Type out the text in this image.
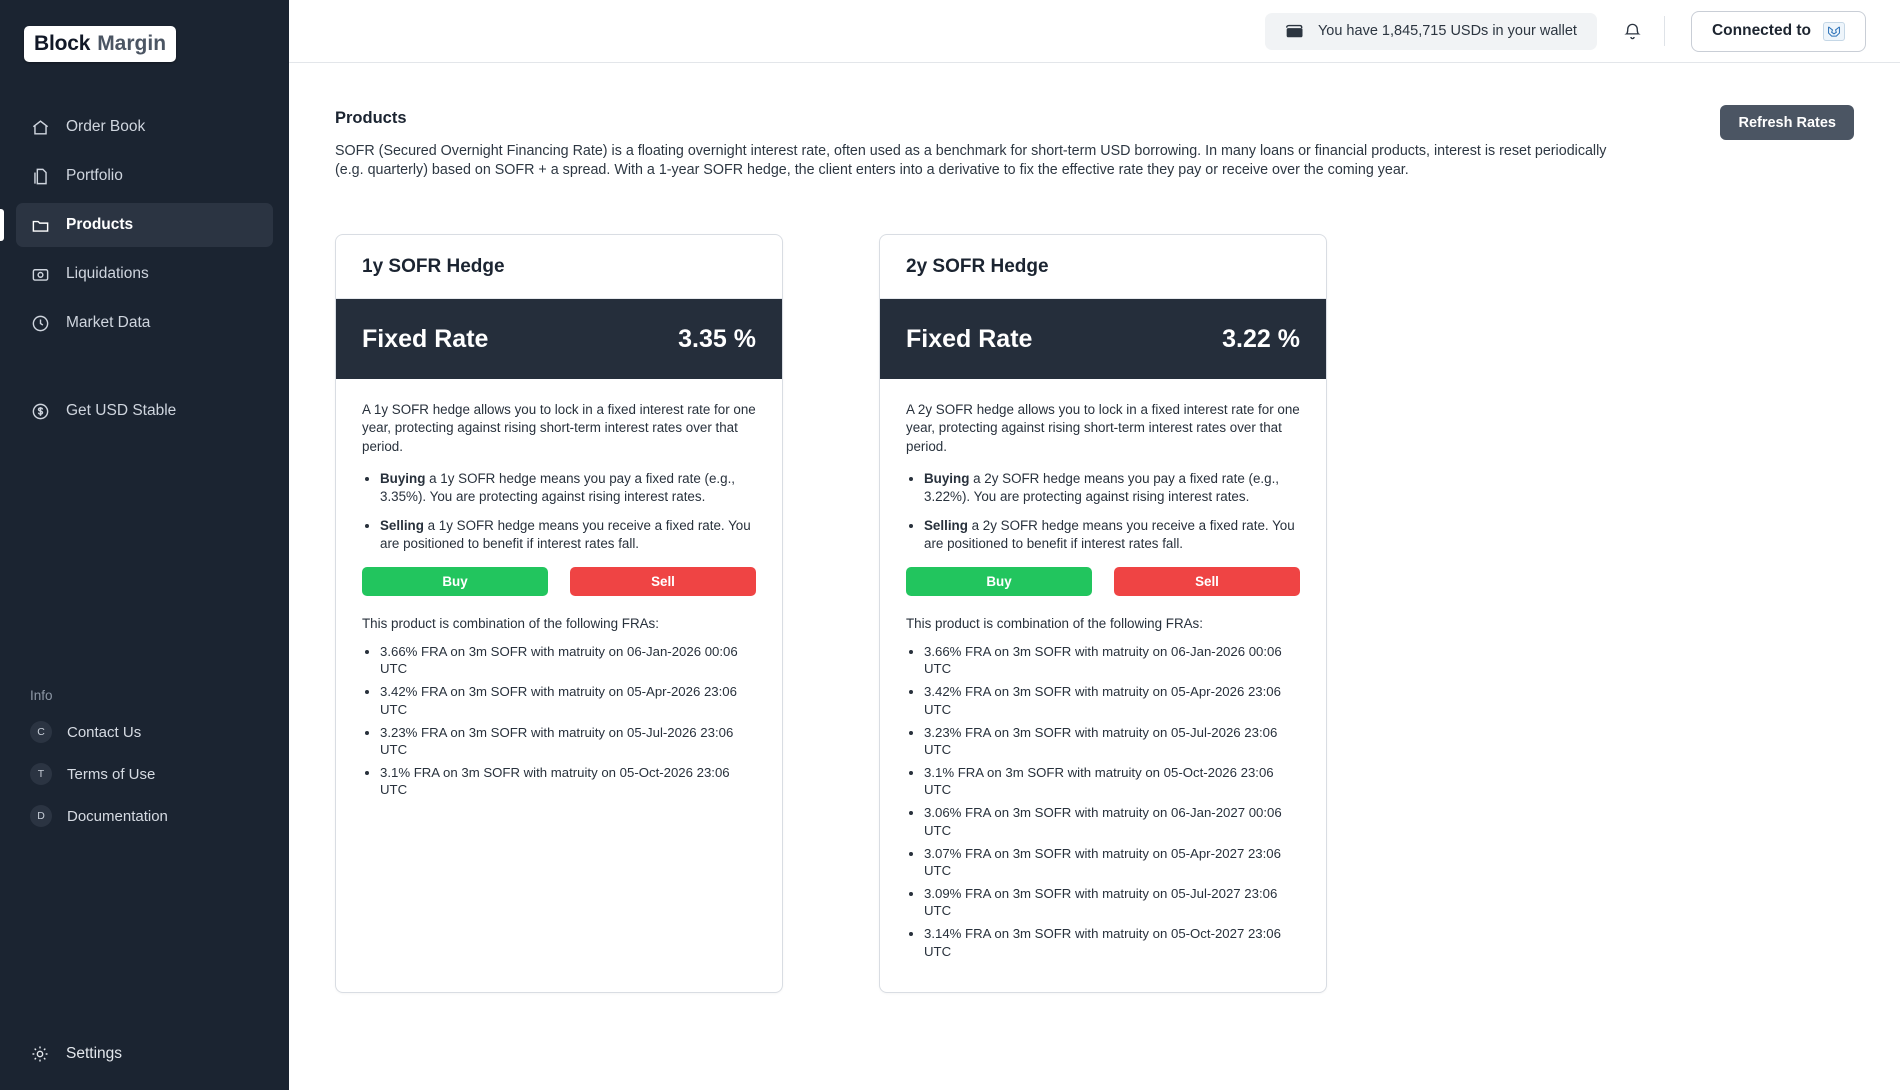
Block Margin
Order Book
Portfolio
Products
Liquidations
Market Data
Get USD Stable
Info
C	Contact Us
T	Terms of Use
D	Documentation
Settings
You have 1,845,715 USDs in your wallet	Connected to
Refresh Rates
Products
SOFR (Secured Overnight Financing Rate) is a floating overnight interest rate, often used as a benchmark for short-term USD borrowing. In many loans or financial products, interest is reset periodically (e.g. quarterly) based on SOFR + a spread. With a 1-year SOFR hedge, the client enters into a derivative to fix the effective rate they pay or receive over the coming year.
1y SOFR Hedge
Fixed Rate	3.35 %
A 1y SOFR hedge allows you to lock in a fixed interest rate for one year, protecting against rising short-term interest rates over that period.
• Buying a 1y SOFR hedge means you pay a fixed rate (e.g., 3.35%). You are protecting against rising interest rates.
• Selling a 1y SOFR hedge means you receive a fixed rate. You are positioned to benefit if interest rates fall.
Buy	Sell
This product is combination of the following FRAs:
• 3.66% FRA on 3m SOFR with matruity on 06-Jan-2026 00:06 UTC
• 3.42% FRA on 3m SOFR with matruity on 05-Apr-2026 23:06 UTC
• 3.23% FRA on 3m SOFR with matruity on 05-Jul-2026 23:06 UTC
• 3.1% FRA on 3m SOFR with matruity on 05-Oct-2026 23:06 UTC
2y SOFR Hedge
Fixed Rate	3.22 %
A 2y SOFR hedge allows you to lock in a fixed interest rate for one year, protecting against rising short-term interest rates over that period.
• Buying a 2y SOFR hedge means you pay a fixed rate (e.g., 3.22%). You are protecting against rising interest rates.
• Selling a 2y SOFR hedge means you receive a fixed rate. You are positioned to benefit if interest rates fall.
Buy	Sell
This product is combination of the following FRAs:
• 3.66% FRA on 3m SOFR with matruity on 06-Jan-2026 00:06 UTC
• 3.42% FRA on 3m SOFR with matruity on 05-Apr-2026 23:06 UTC
• 3.23% FRA on 3m SOFR with matruity on 05-Jul-2026 23:06 UTC
• 3.1% FRA on 3m SOFR with matruity on 05-Oct-2026 23:06 UTC
• 3.06% FRA on 3m SOFR with matruity on 06-Jan-2027 00:06 UTC
• 3.07% FRA on 3m SOFR with matruity on 05-Apr-2027 23:06 UTC
• 3.09% FRA on 3m SOFR with matruity on 05-Jul-2027 23:06 UTC
• 3.14% FRA on 3m SOFR with matruity on 05-Oct-2027 23:06 UTC
